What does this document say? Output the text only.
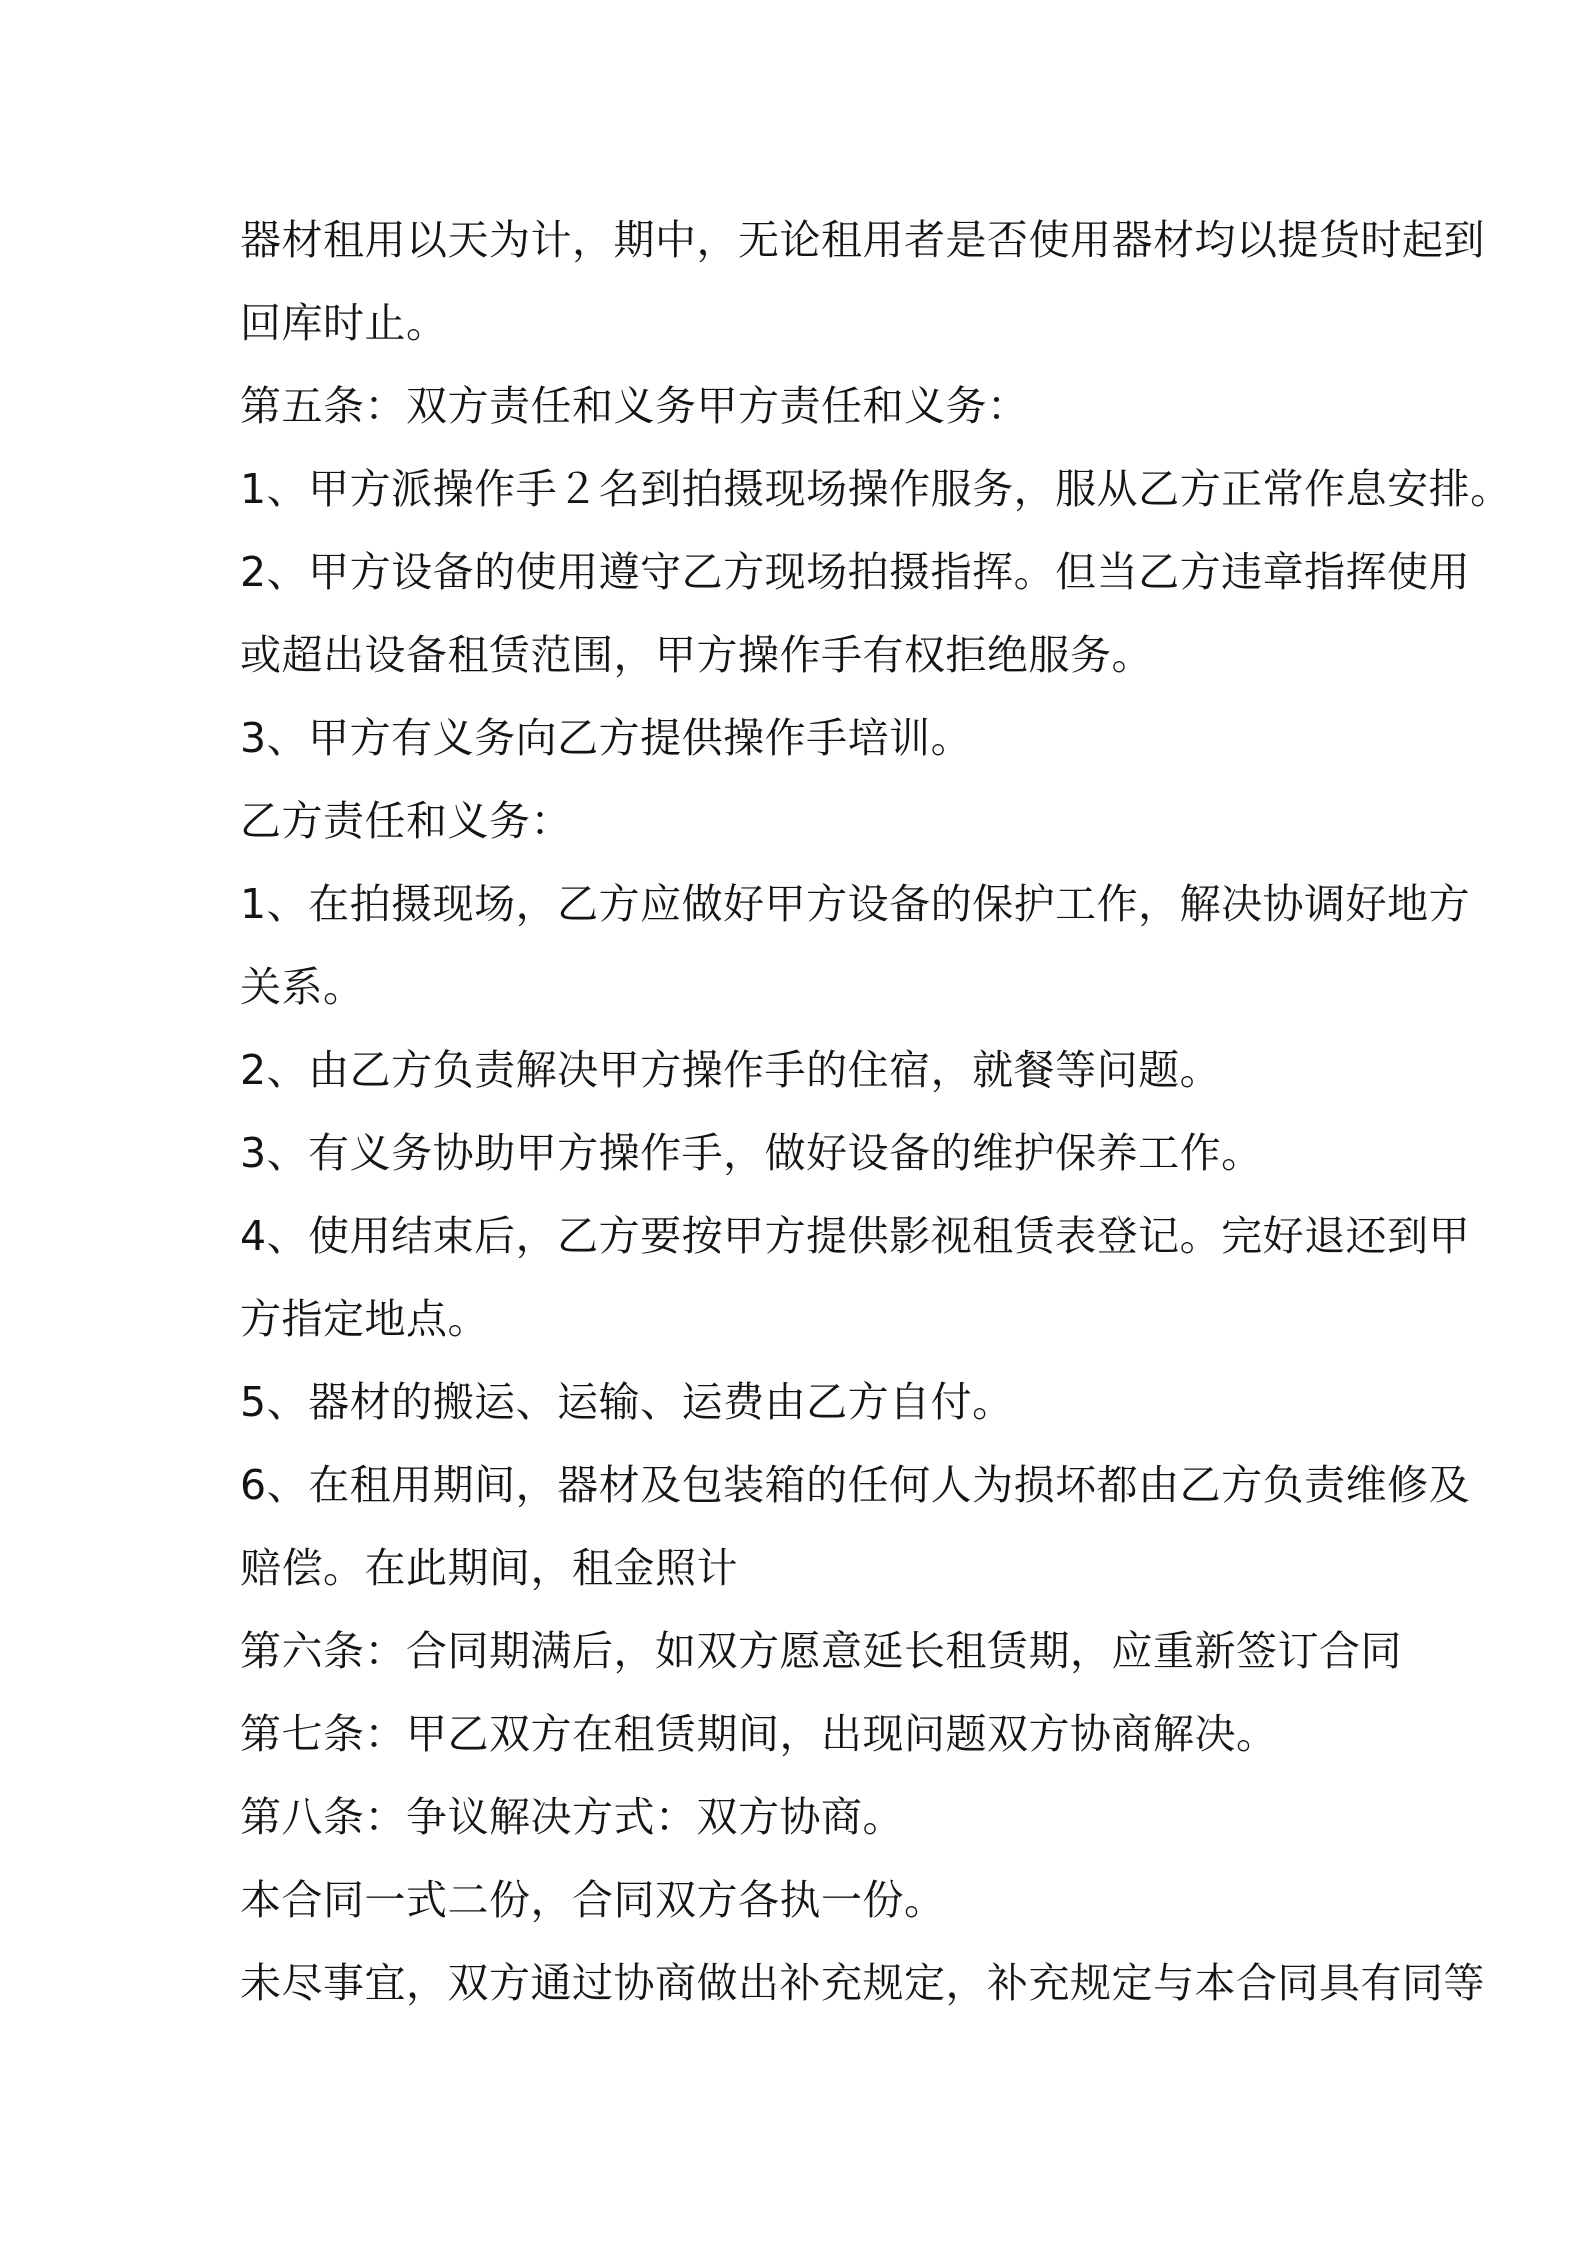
器材租用以天为计，期中，无论租用者是否使用器材均以提货时起到
回库时止。
第五条：双方责任和义务甲方责任和义务：
1、甲方派操作手２名到拍摄现场操作服务，服从乙方正常作息安排。
2、甲方设备的使用遵守乙方现场拍摄指挥。但当乙方违章指挥使用
或超出设备租赁范围，甲方操作手有权拒绝服务。
3、甲方有义务向乙方提供操作手培训。
乙方责任和义务：
1、在拍摄现场，乙方应做好甲方设备的保护工作，解决协调好地方
关系。
2、由乙方负责解决甲方操作手的住宿，就餐等问题。
3、有义务协助甲方操作手，做好设备的维护保养工作。
4、使用结束后，乙方要按甲方提供影视租赁表登记。完好退还到甲
方指定地点。
5、器材的搬运、运输、运费由乙方自付。
6、在租用期间，器材及包装箱的任何人为损坏都由乙方负责维修及
赔偿。在此期间，租金照计
第六条：合同期满后，如双方愿意延长租赁期，应重新签订合同
第七条：甲乙双方在租赁期间，出现问题双方协商解决。
第八条：争议解决方式：双方协商。
本合同一式二份，合同双方各执一份。
未尽事宜，双方通过协商做出补充规定，补充规定与本合同具有同等
